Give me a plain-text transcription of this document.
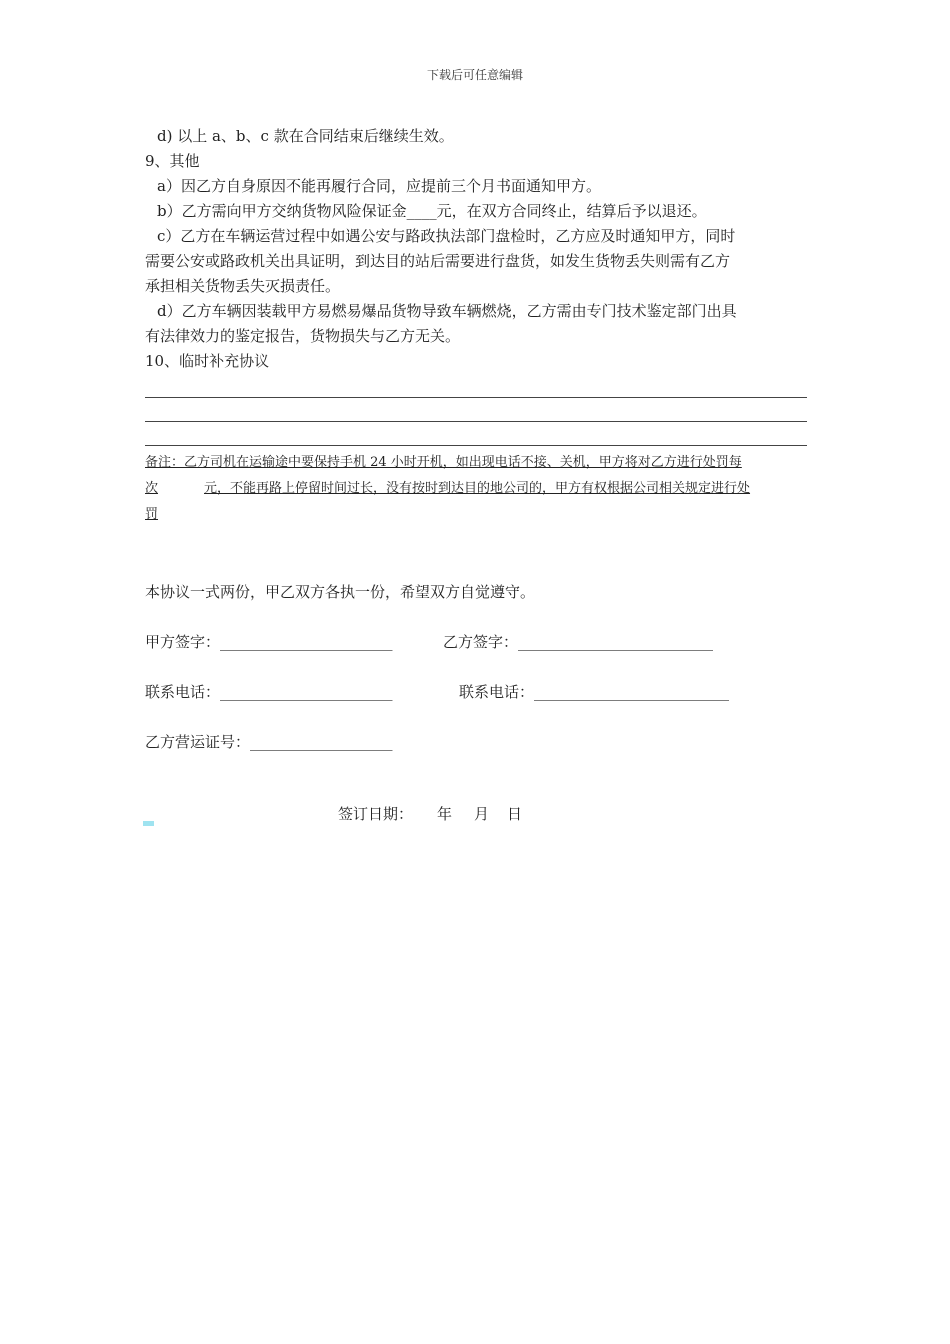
下载后可任意编辑

d) 以上 a、b、c 款在合同结束后继续生效。

9、其他

a）因乙方自身原因不能再履行合同，应提前三个月书面通知甲方。

b）乙方需向甲方交纳货物风险保证金____元，在双方合同终止，结算后予以退还。

c）乙方在车辆运营过程中如遇公安与路政执法部门盘检时，乙方应及时通知甲方，同时

需要公安或路政机关出具证明，到达目的站后需要进行盘货，如发生货物丢失则需有乙方

承担相关货物丢失灭损责任。

d）乙方车辆因装载甲方易燃易爆品货物导致车辆燃烧，乙方需由专门技术鉴定部门出具

有法律效力的鉴定报告，货物损失与乙方无关。

10、临时补充协议

备注：乙方司机在运输途中要保持手机 24 小时开机，如出现电话不接、关机，甲方将对乙方进行处罚每
次	元，不能再路上停留时间过长，没有按时到达目的地公司的，甲方有权根据公司相关规定进行处
罚

本协议一式两份，甲乙双方各执一份，希望双方自觉遵守。

甲方签字：_______________________	乙方签字：__________________________
联系电话：_______________________	联系电话：__________________________
乙方营运证号：___________________
签订日期： 年 月 日
